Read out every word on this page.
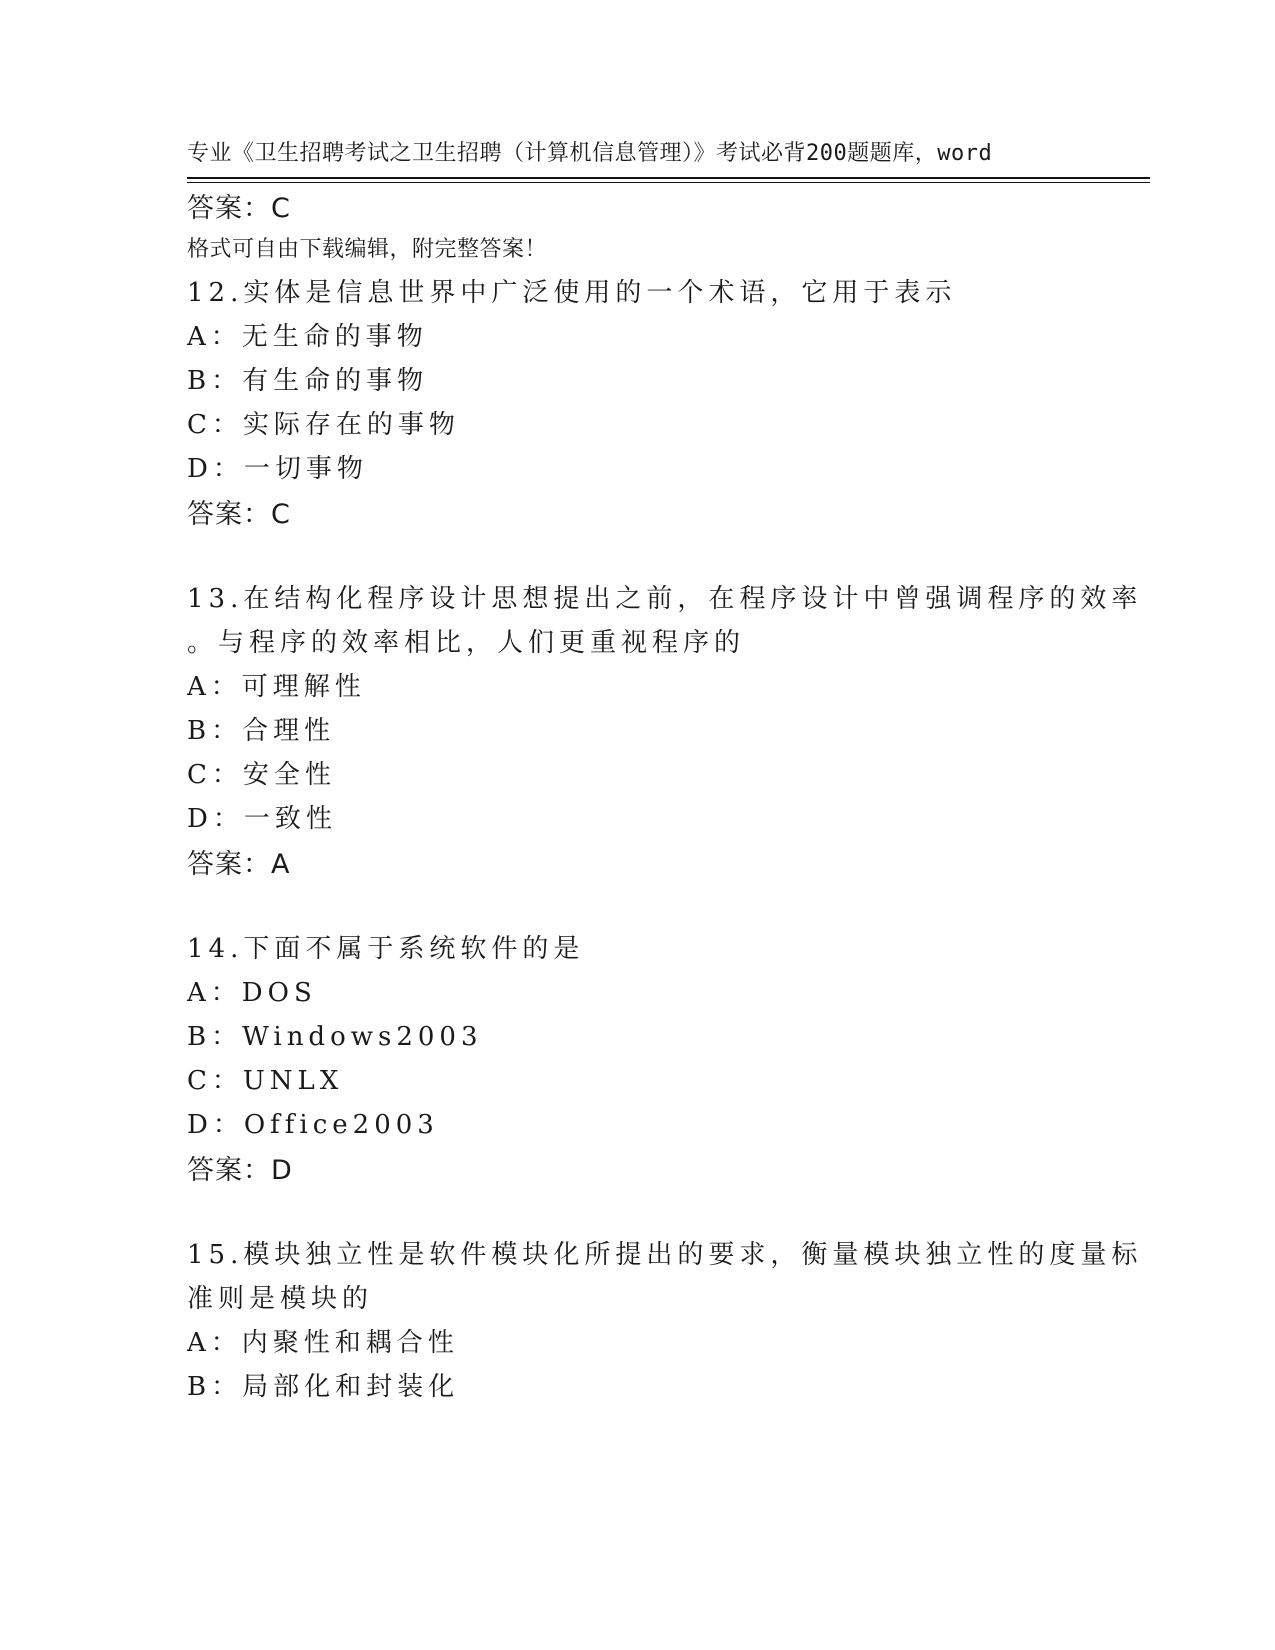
专业《卫生招聘考试之卫生招聘（计算机信息管理）》考试必背200题题库，word

格式可自由下载编辑，附完整答案！

答案：C
12.实体是信息世界中广泛使用的一个术语，它用于表示
A：无生命的事物
B：有生命的事物
C：实际存在的事物
D：一切事物
答案：C
13.在结构化程序设计思想提出之前，在程序设计中曾强调程序的效率
。与程序的效率相比，人们更重视程序的
A：可理解性
B：合理性
C：安全性
D：一致性
答案：A
14.下面不属于系统软件的是
A：DOS
B：Windows2003
C：UNLX
D：Office2003
答案：D
15.模块独立性是软件模块化所提出的要求，衡量模块独立性的度量标
准则是模块的
A：内聚性和耦合性
B：局部化和封装化
